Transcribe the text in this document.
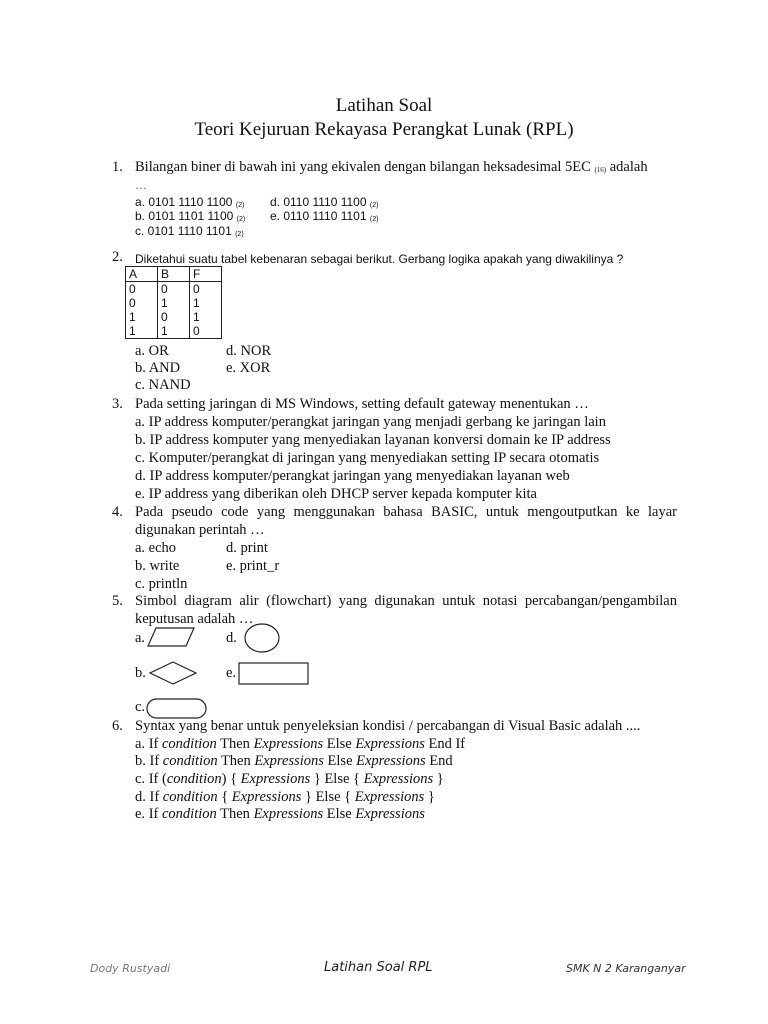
Latihan Soal
Teori Kejuruan Rekayasa Perangkat Lunak (RPL)
1. Bilangan biner di bawah ini yang ekivalen dengan bilangan heksadesimal 5EC $_{(16)}$ adalah
…
a. 0101 1110 1100 $_{(2)}$
b. 0101 1101 1100 $_{(2)}$
c. 0101 1110 1101 $_{(2)}$
d. 0110 1110 1100 $_{(2)}$
e. 0110 1110 1101 $_{(2)}$
2. Diketahui suatu tabel kebenaran sebagai berikut. Gerbang logika apakah yang diwakilinya ?
A	B	F
0	0	0
0	1	1
1	0	1
1	1	0
a. OR
b. AND
c. NAND
d. NOR
e. XOR
3. Pada setting jaringan di MS Windows, setting default gateway menentukan …
a. IP address komputer/perangkat jaringan yang menjadi gerbang ke jaringan lain
b. IP address komputer yang menyediakan layanan konversi domain ke IP address
c. Komputer/perangkat di jaringan yang menyediakan setting IP secara otomatis
d. IP address komputer/perangkat jaringan yang menyediakan layanan web
e. IP address yang diberikan oleh DHCP server kepada komputer kita
4. Pada pseudo code yang menggunakan bahasa BASIC, untuk mengoutputkan ke layar
digunakan perintah …
a. echo
b. write
c. println
d. print
e. print_r
5. Simbol diagram alir (flowchart) yang digunakan untuk notasi percabangan/pengambilan
keputusan adalah …
a.	d.
b.	e.
c.
6. Syntax yang benar untuk penyeleksian kondisi / percabangan di Visual Basic adalah ....
a. If condition Then Expressions Else Expressions End If
b. If condition Then Expressions Else Expressions End
c. If (condition) { Expressions } Else { Expressions }
d. If condition { Expressions } Else { Expressions }
e. If condition Then Expressions Else Expressions
Dody Rustyadi	Latihan Soal RPL	SMK N 2 Karanganyar
